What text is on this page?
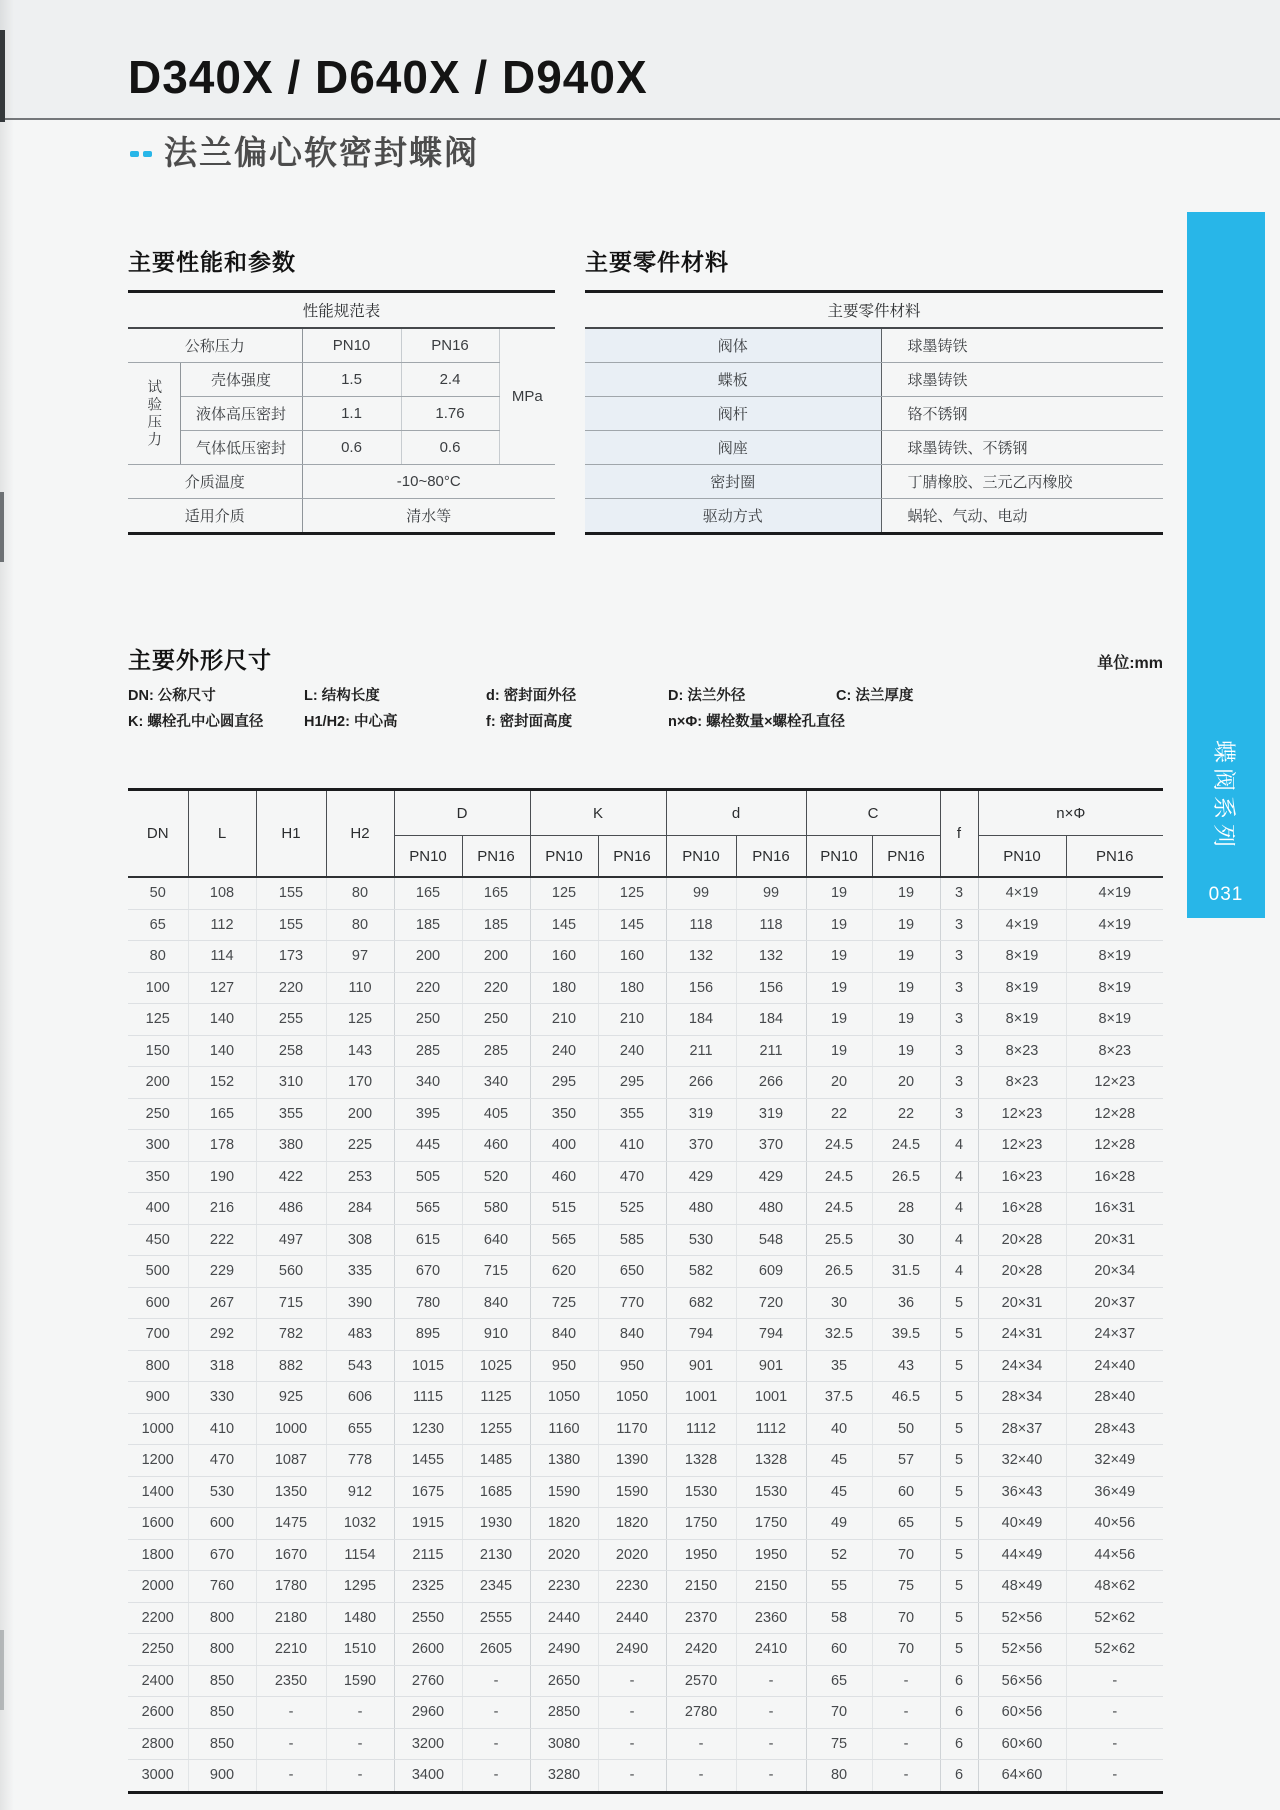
D340X / D640X / D940X
法兰偏心软密封蝶阀
主要性能和参数	主要零件材料
性能规范表				
公称压力		PN10	PN16	MPa
试验压力	壳体强度	1.5	2.4	
	液体高压密封	1.1	1.76	
	气体低压密封	0.6	0.6	
介质温度		-10~80°C		
适用介质		清水等		
主要零件材料	
阀体	球墨铸铁
蝶板	球墨铸铁
阀杆	铬不锈钢
阀座	球墨铸铁、不锈钢
密封圈	丁腈橡胶、三元乙丙橡胶
驱动方式	蜗轮、气动、电动
主要外形尺寸	单位:mm
DN: 公称尺寸	L: 结构长度	d: 密封面外径	D: 法兰外径	C: 法兰厚度
K: 螺栓孔中心圆直径	H1/H2: 中心高	f: 密封面高度	n×Φ: 螺栓数量×螺栓孔直径
DN	L	H1	H2	D		K		d		C		f	n×Φ	
				PN10	PN16	PN10	PN16	PN10	PN16	PN10	PN16		PN10	PN16
50	108	155	80	165	165	125	125	99	99	19	19	3	4×19	4×19
65	112	155	80	185	185	145	145	118	118	19	19	3	4×19	4×19
80	114	173	97	200	200	160	160	132	132	19	19	3	8×19	8×19
100	127	220	110	220	220	180	180	156	156	19	19	3	8×19	8×19
125	140	255	125	250	250	210	210	184	184	19	19	3	8×19	8×19
150	140	258	143	285	285	240	240	211	211	19	19	3	8×23	8×23
200	152	310	170	340	340	295	295	266	266	20	20	3	8×23	12×23
250	165	355	200	395	405	350	355	319	319	22	22	3	12×23	12×28
300	178	380	225	445	460	400	410	370	370	24.5	24.5	4	12×23	12×28
350	190	422	253	505	520	460	470	429	429	24.5	26.5	4	16×23	16×28
400	216	486	284	565	580	515	525	480	480	24.5	28	4	16×28	16×31
450	222	497	308	615	640	565	585	530	548	25.5	30	4	20×28	20×31
500	229	560	335	670	715	620	650	582	609	26.5	31.5	4	20×28	20×34
600	267	715	390	780	840	725	770	682	720	30	36	5	20×31	20×37
700	292	782	483	895	910	840	840	794	794	32.5	39.5	5	24×31	24×37
800	318	882	543	1015	1025	950	950	901	901	35	43	5	24×34	24×40
900	330	925	606	1115	1125	1050	1050	1001	1001	37.5	46.5	5	28×34	28×40
1000	410	1000	655	1230	1255	1160	1170	1112	1112	40	50	5	28×37	28×43
1200	470	1087	778	1455	1485	1380	1390	1328	1328	45	57	5	32×40	32×49
1400	530	1350	912	1675	1685	1590	1590	1530	1530	45	60	5	36×43	36×49
1600	600	1475	1032	1915	1930	1820	1820	1750	1750	49	65	5	40×49	40×56
1800	670	1670	1154	2115	2130	2020	2020	1950	1950	52	70	5	44×49	44×56
2000	760	1780	1295	2325	2345	2230	2230	2150	2150	55	75	5	48×49	48×62
2200	800	2180	1480	2550	2555	2440	2440	2370	2360	58	70	5	52×56	52×62
2250	800	2210	1510	2600	2605	2490	2490	2420	2410	60	70	5	52×56	52×62
2400	850	2350	1590	2760	-	2650	-	2570	-	65	-	6	56×56	-
2600	850	-	-	2960	-	2850	-	2780	-	70	-	6	60×56	-
2800	850	-	-	3200	-	3080	-	-	-	75	-	6	60×60	-
3000	900	-	-	3400	-	3280	-	-	-	80	-	6	64×60	-
蝶阀系列
031
